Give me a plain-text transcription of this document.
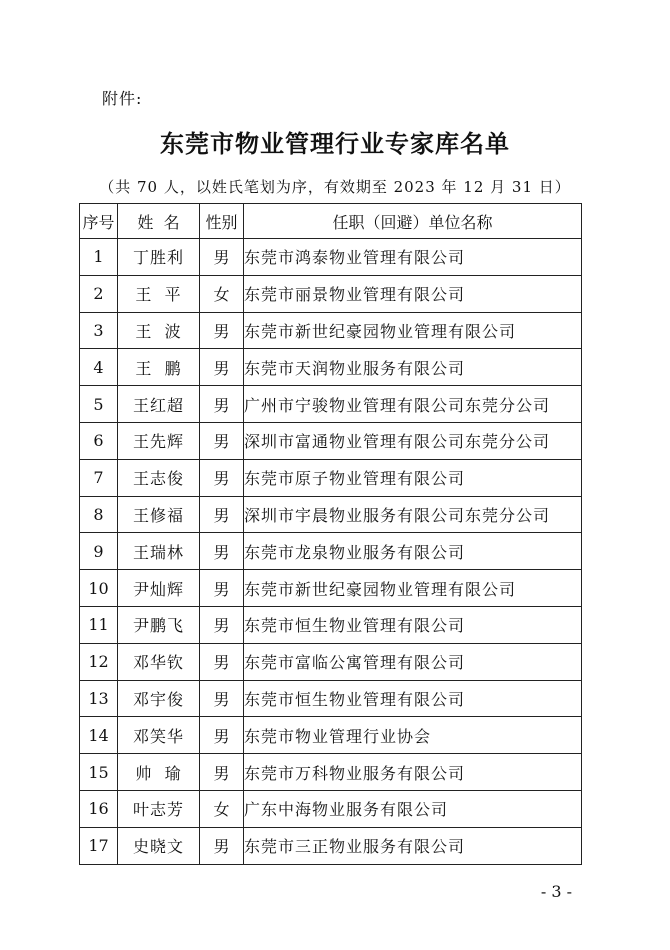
附件:
东莞市物业管理行业专家库名单
（共 70 人，以姓氏笔划为序，有效期至 2023 年 12 月 31 日）
序号	姓  名	性别	任职（回避）单位名称
1	丁胜利	男	东莞市鸿泰物业管理有限公司
2	王  平	女	东莞市丽景物业管理有限公司
3	王  波	男	东莞市新世纪豪园物业管理有限公司
4	王  鹏	男	东莞市天润物业服务有限公司
5	王红超	男	广州市宁骏物业管理有限公司东莞分公司
6	王先辉	男	深圳市富通物业管理有限公司东莞分公司
7	王志俊	男	东莞市原子物业管理有限公司
8	王修福	男	深圳市宇晨物业服务有限公司东莞分公司
9	王瑞林	男	东莞市龙泉物业服务有限公司
10	尹灿辉	男	东莞市新世纪豪园物业管理有限公司
11	尹鹏飞	男	东莞市恒生物业管理有限公司
12	邓华钦	男	东莞市富临公寓管理有限公司
13	邓宇俊	男	东莞市恒生物业管理有限公司
14	邓笑华	男	东莞市物业管理行业协会
15	帅  瑜	男	东莞市万科物业服务有限公司
16	叶志芳	女	广东中海物业服务有限公司
17	史晓文	男	东莞市三正物业服务有限公司
- 3 -
